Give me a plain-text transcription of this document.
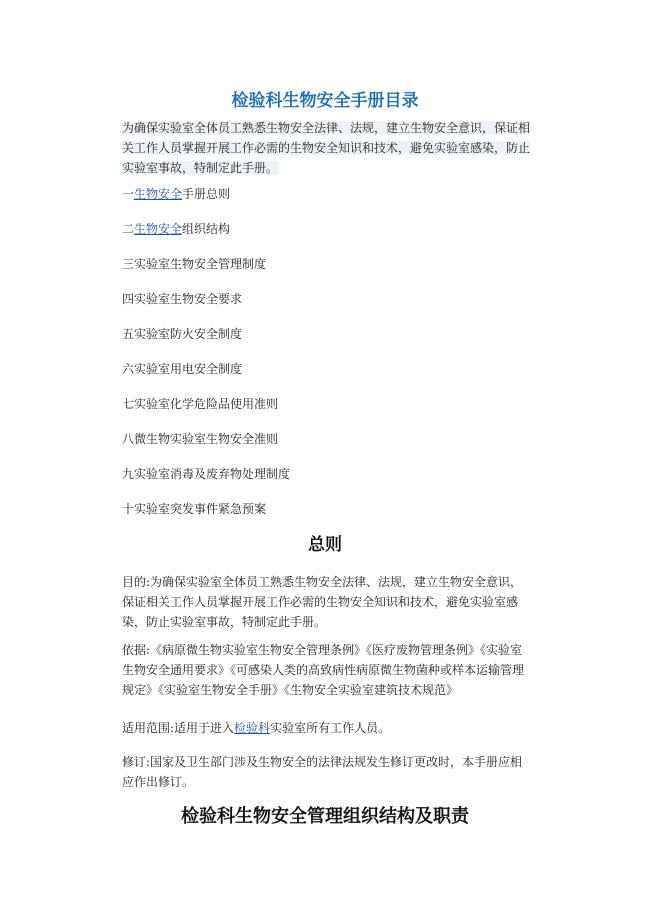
检验科生物安全手册目录
为确保实验室全体员工熟悉生物安全法律、法规，建立生物安全意识，保证相关工作人员掌握开展工作必需的生物安全知识和技术，避免实验室感染，防止实验室事故，特制定此手册。
一生物安全手册总则
二生物安全组织结构
三实验室生物安全管理制度
四实验室生物安全要求
五实验室防火安全制度
六实验室用电安全制度
七实验室化学危险品使用准则
八微生物实验室生物安全准则
九实验室消毒及废弃物处理制度
十实验室突发事件紧急预案
总则
目的:为确保实验室全体员工熟悉生物安全法律、法规，建立生物安全意识，保证相关工作人员掌握开展工作必需的生物安全知识和技术，避免实验室感染，防止实验室事故，特制定此手册。
依据:《病原微生物实验室生物安全管理条例》《医疗废物管理条例》《实验室生物安全通用要求》《可感染人类的高致病性病原微生物菌种或样本运输管理规定》《实验室生物安全手册》《生物安全实验室建筑技术规范》
适用范围:适用于进入检验科实验室所有工作人员。
修订:国家及卫生部门涉及生物安全的法律法规发生修订更改时，本手册应相应作出修订。
检验科生物安全管理组织结构及职责
